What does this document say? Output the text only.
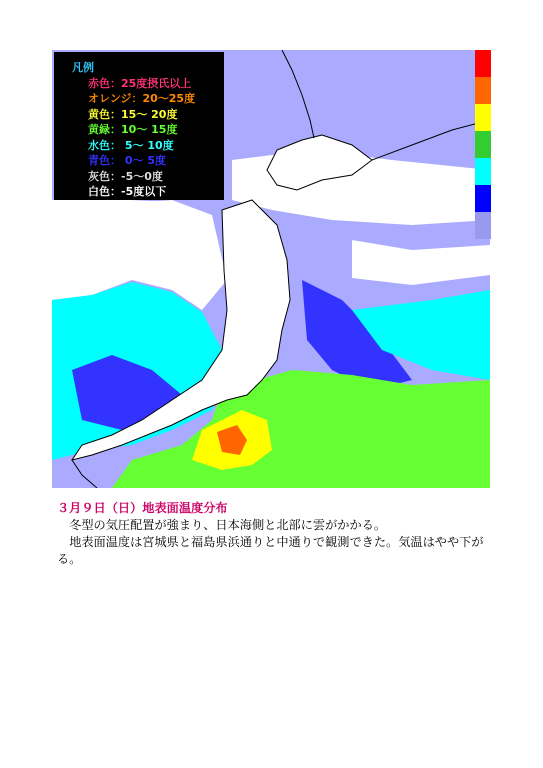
凡例
赤色：25度摂氏以上
オレンジ：20～25度
黄色：15～ 20度
黄緑：10～ 15度
水色： 5～ 10度
青色： 0～ 5度
灰色：-5～0度
白色：-5度以下
３月９日（日）地表面温度分布

冬型の気圧配置が強まり、日本海側と北部に雲がかかる。

地表面温度は宮城県と福島県浜通りと中通りで観測できた。気温はやや下がる。
